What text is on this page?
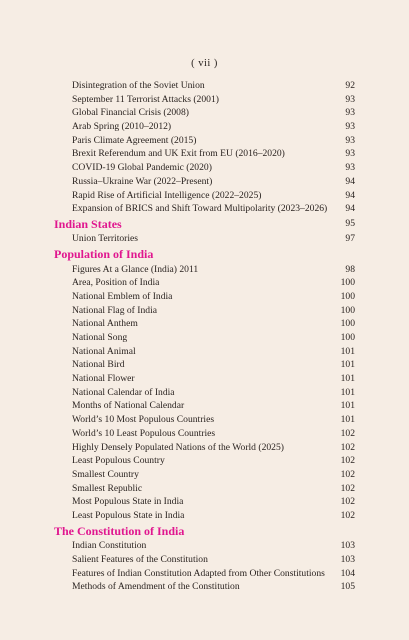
( vii )
Disintegration of the Soviet Union	92
September 11 Terrorist Attacks (2001)	93
Global Financial Crisis (2008)	93
Arab Spring (2010–2012)	93
Paris Climate Agreement (2015)	93
Brexit Referendum and UK Exit from EU (2016–2020)	93
COVID-19 Global Pandemic (2020)	93
Russia–Ukraine War (2022–Present)	94
Rapid Rise of Artificial Intelligence (2022–2025)	94
Expansion of BRICS and Shift Toward Multipolarity (2023–2026) 94
Indian States	95
Union Territories	97
Population of India
Figures At a Glance (India) 2011	98
Area, Position of India	100
National Emblem of India	100
National Flag of India	100
National Anthem	100
National Song	100
National Animal	101
National Bird	101
National Flower	101
National Calendar of India	101
Months of National Calendar	101
World’s 10 Most Populous Countries	101
World’s 10 Least Populous Countries	102
Highly Densely Populated Nations of the World (2025)	102
Least Populous Country	102
Smallest Country	102
Smallest Republic	102
Most Populous State in India	102
Least Populous State in India	102
The Constitution of India
Indian Constitution	103
Salient Features of the Constitution	103
Features of Indian Constitution Adapted from Other Constitutions 104
Methods of Amendment of the Constitution	105
